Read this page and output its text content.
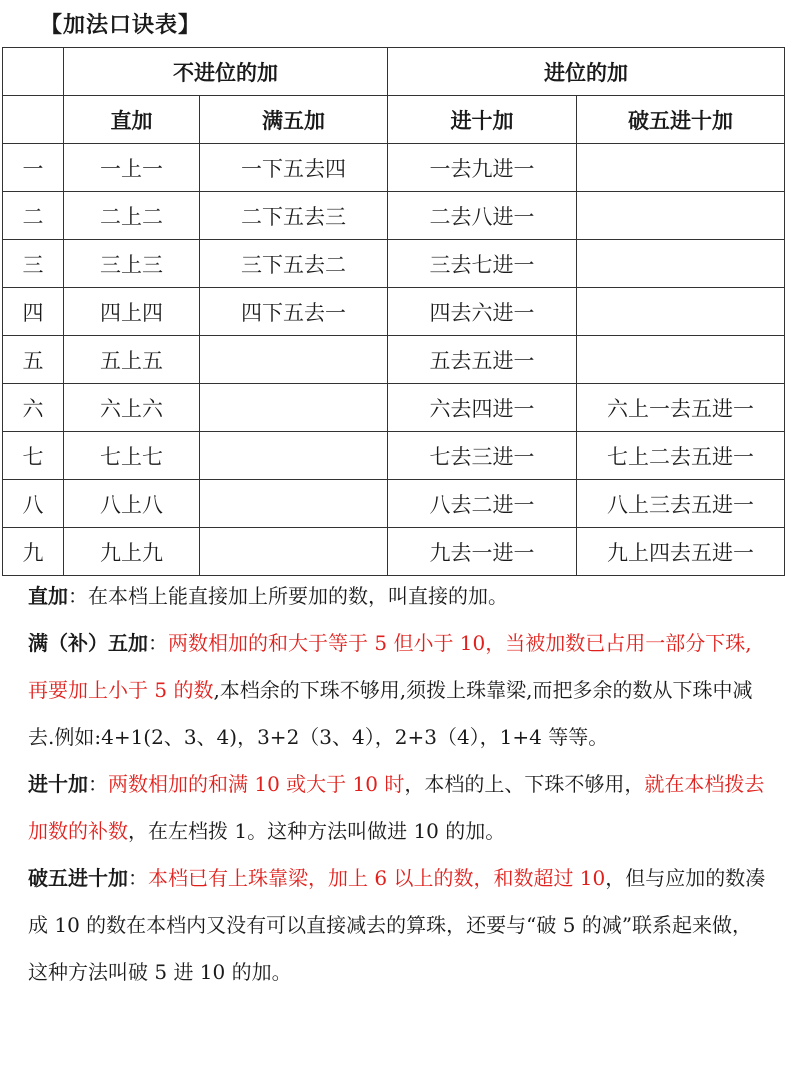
【加法口诀表】
	不进位的加		进位的加	
	直加	满五加	进十加	破五进十加
一	一上一	一下五去四	一去九进一	
二	二上二	二下五去三	二去八进一	
三	三上三	三下五去二	三去七进一	
四	四上四	四下五去一	四去六进一	
五	五上五		五去五进一	
六	六上六		六去四进一	六上一去五进一
七	七上七		七去三进一	七上二去五进一
八	八上八		八去二进一	八上三去五进一
九	九上九		九去一进一	九上四去五进一

直加：在本档上能直接加上所要加的数，叫直接的加。

满（补）五加：两数相加的和大于等于 5 但小于 10，当被加数已占用一部分下珠,再要加上小于 5 的数,本档余的下珠不够用,须拨上珠靠梁,而把多余的数从下珠中减去.例如:4+1(2、3、4)，3+2（3、4），2+3（4），1+4 等等。

进十加：两数相加的和满 10 或大于 10 时，本档的上、下珠不够用，就在本档拨去加数的补数，在左档拨 1。这种方法叫做进 10 的加。

破五进十加：本档已有上珠靠梁，加上 6 以上的数，和数超过 10，但与应加的数凑成 10 的数在本档内又没有可以直接减去的算珠，还要与“破 5 的减”联系起来做，这种方法叫破 5 进 10 的加。
